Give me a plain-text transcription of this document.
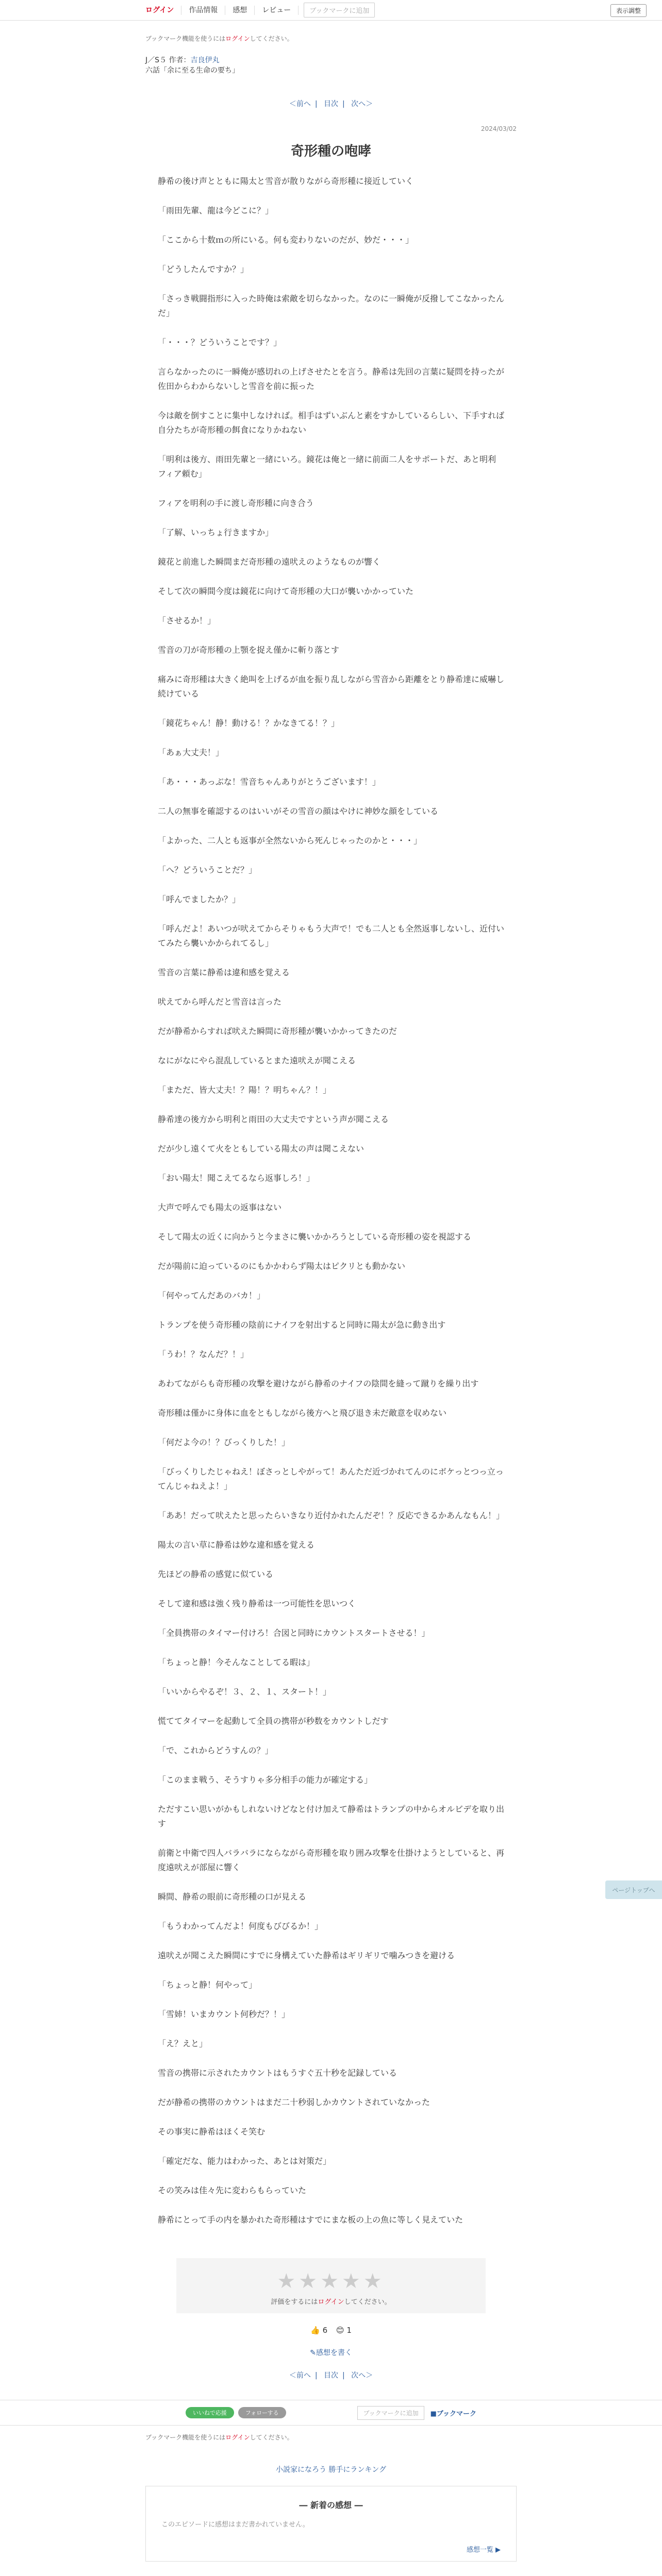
ログイン	作品情報	感想	レビュー	ブックマークに追加	表示調整
ブックマーク機能を使うにはログインしてください。
J／S５ 作者：吉良伊丸
六話「余に至る生命の要ち」
＜前へ | 目次 | 次へ＞
2024/03/02
奇形種の咆哮

静希の後け声とともに陽太と雪音が散りながら奇形種に接近していく

「雨田先輩、龍は今どこに？」

「ここから十数ｍの所にいる。何も変わりないのだが、妙だ・・・」

「どうしたんですか？」

「さっき戦闘指形に入った時俺は索敵を切らなかった。なのに一瞬俺が反撥してこなかったんだ」

「・・・？どういうことです？」

言らなかったのに一瞬俺が感切れの上げさせたとを言う。静希は先回の言葉に疑問を持ったが佐田からわからないしと雪音を前に振った

今は敵を倒すことに集中しなければ。相手はずいぶんと素をすかしているらしい、下手すれば自分たちが奇形種の餌食になりかねない

「明利は後方、雨田先輩と一緒にいろ。鏡花は俺と一緒に前面二人をサポートだ、あと明利フィア頼む」

フィアを明利の手に渡し奇形種に向き合う

「了解、いっちょ行きますか」

鏡花と前進した瞬間まだ奇形種の遠吠えのようなものが響く

そして次の瞬間今度は鏡花に向けて奇形種の大口が襲いかかっていた

「させるか！」

雪音の刀が奇形種の上顎を捉え僅かに斬り落とす

痛みに奇形種は大きく絶叫を上げるが血を振り乱しながら雪音から距離をとり静希達に威嚇し続けている

「鏡花ちゃん！静！動ける！？かなきてる！？」

「あぁ大丈夫！」

「あ・・・あっぶな！雪音ちゃんありがとうございます！」

二人の無事を確認するのはいいがその雪音の顔はやけに神妙な顔をしている

「よかった、二人とも返事が全然ないから死んじゃったのかと・・・」

「へ？どういうことだ？」

「呼んでましたか？」

「呼んだよ！あいつが吠えてからそりゃもう大声で！でも二人とも全然返事しないし、近付いてみたら襲いかかられてるし」

雪音の言葉に静希は違和感を覚える

吠えてから呼んだと雪音は言った

だが静希からすれば吠えた瞬間に奇形種が襲いかかってきたのだ

なにがなにやら混乱しているとまた遠吠えが聞こえる

「まただ、皆大丈夫！？陽！？明ちゃん？！」

静希達の後方から明利と雨田の大丈夫ですという声が聞こえる

だが少し遠くて火をともしている陽太の声は聞こえない

「おい陽太！聞こえてるなら返事しろ！」

大声で呼んでも陽太の返事はない

そして陽太の近くに向かうと今まさに襲いかかろうとしている奇形種の姿を視認する

だが陽前に迫っているのにもかかわらず陽太はピクリとも動かない

「何やってんだあのバカ！」

トランプを使う奇形種の陰前にナイフを射出すると同時に陽太が急に動き出す

「うわ！？なんだ？！」

あわてながらも奇形種の攻撃を避けながら静希のナイフの陰間を縫って蹴りを繰り出す

奇形種は僅かに身体に血をともしながら後方へと飛び退き未だ敵意を収めない

「何だよ今の！？びっくりした！」

「びっくりしたじゃねえ！ぼさっとしやがって！あんただ近づかれてんのにボケっとつっ立ってんじゃねえよ！」

「ああ！だって吠えたと思ったらいきなり近付かれたんだぞ！？反応できるかあんなもん！」

陽太の言い草に静希は妙な違和感を覚える

先ほどの静希の感覚に似ている

そして違和感は強く残り静希は一つ可能性を思いつく

「全員携帯のタイマー付けろ！合図と同時にカウントスタートさせる！」

「ちょっと静！今そんなことしてる暇は」

「いいからやるぞ！３、２、１、スタート！」

慌ててタイマーを起動して全員の携帯が秒数をカウントしだす

「で、これからどうすんの？」

「このまま戦う、そうすりゃ多分相手の能力が確定する」

ただすこい思いがかもしれないけどなと付け加えて静希はトランプの中からオルビデを取り出す

前衛と中衛で四人バラバラにならながら奇形種を取り囲み攻撃を仕掛けようとしていると、再度遠吠えが部屋に響く

瞬間、静希の眼前に奇形種の口が見える

「もうわかってんだよ！何度もびびるか！」

遠吠えが聞こえた瞬間にすでに身構えていた静希はギリギリで噛みつきを避ける

「ちょっと静！何やって」

「雪姉！いまカウント何秒だ？！」

「え？えと」

雪音の携帯に示されたカウントはもうすぐ五十秒を記録している

だが静希の携帯のカウントはまだ二十秒弱しかカウントされていなかった

その事実に静希はほくそ笑む

「確定だな、能力はわかった、あとは対策だ」

その笑みは佳々先に変わらもらっていた

静希にとって手の内を暴かれた奇形種はすでにまな板の上の魚に等しく見えていた

★★★★★
評価をするにはログインしてください。
👍 6 😊 1
✎感想を書く
＜前へ | 目次 | 次へ＞
ページトップへ
いいねで応援	フォローする	ブックマークに追加	■ブックマーク
ブックマーク機能を使うにはログインしてください。
小説家になろう 勝手にランキング
― 新着の感想 ―
このエピソードに感想はまだ書かれていません。
感想一覧 ▶
